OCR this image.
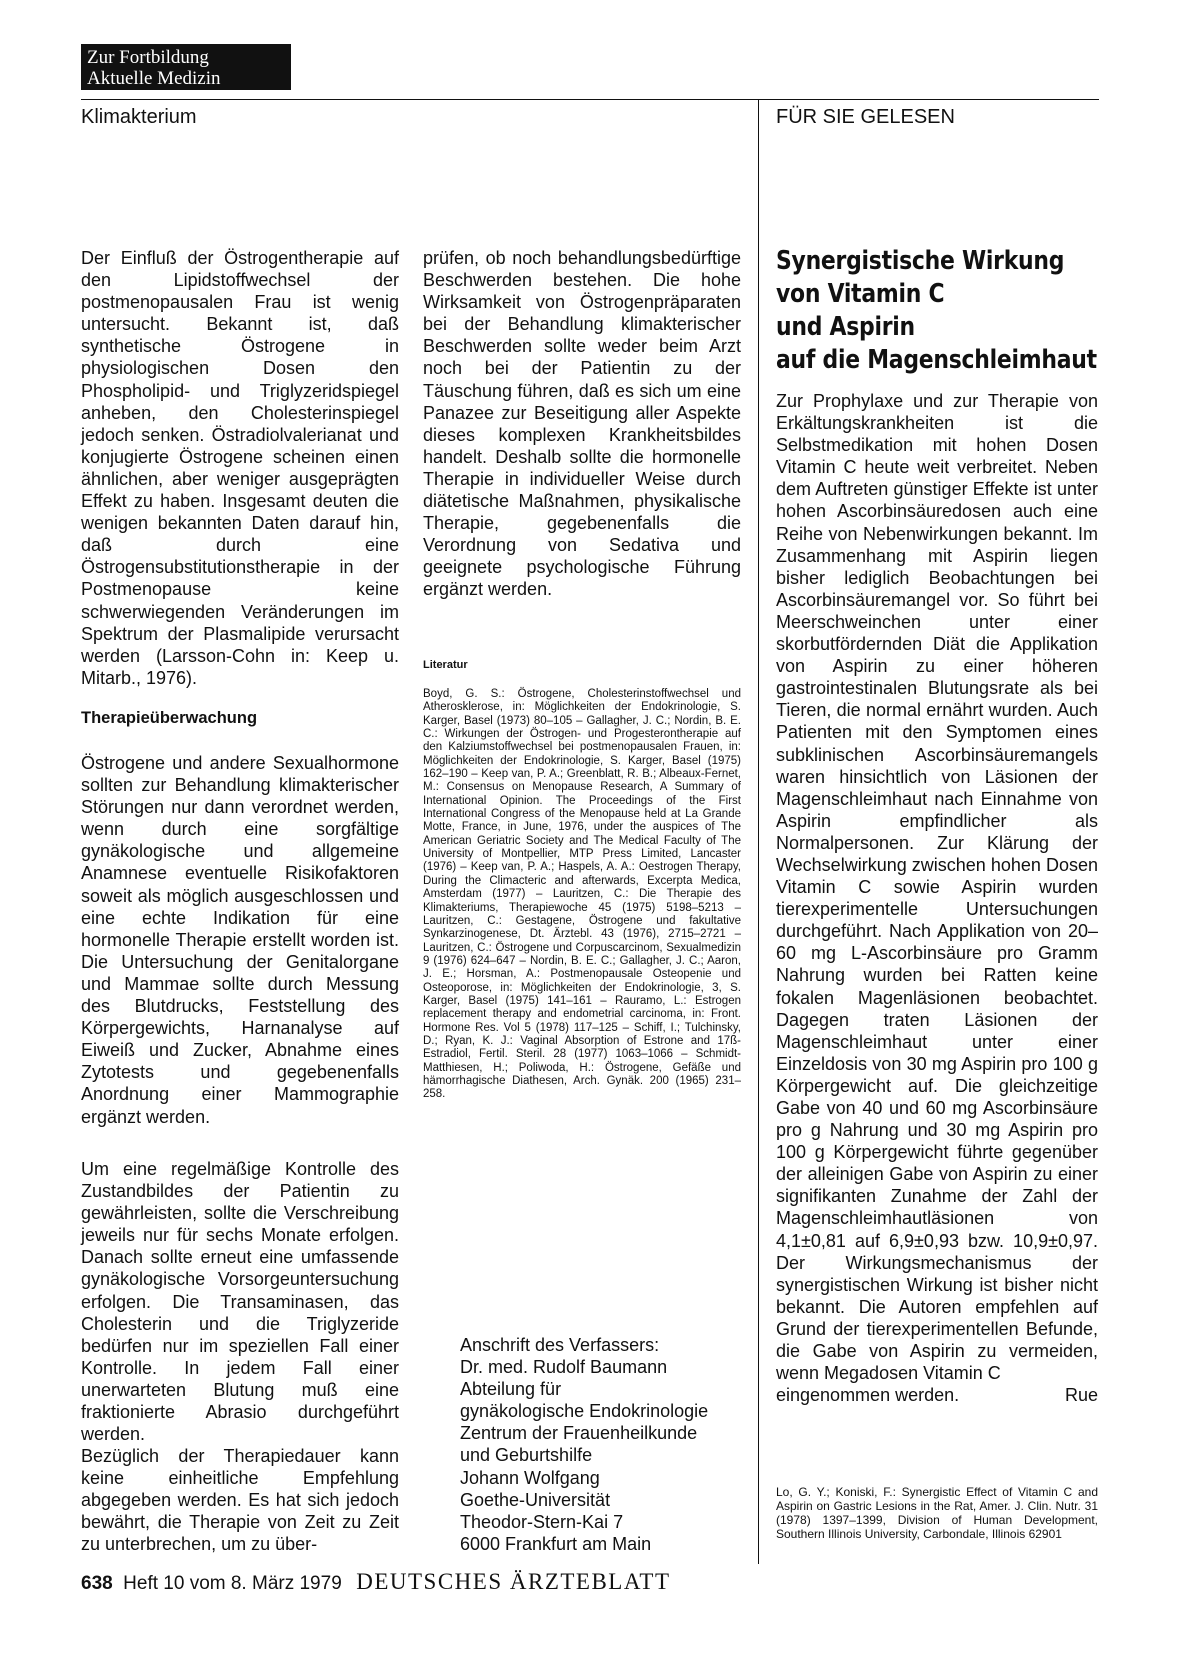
Zur Fortbildung
Aktuelle Medizin
Klimakterium	FÜR SIE GELESEN

Der Einfluß der Östrogentherapie auf den Lipidstoffwechsel der postmenopausalen Frau ist wenig untersucht. Bekannt ist, daß synthetische Östrogene in physiologischen Dosen den Phospholipid- und Triglyzeridspiegel anheben, den Cholesterinspiegel jedoch senken. Östradiolvalerianat und konjugierte Östrogene scheinen einen ähnlichen, aber weniger ausgeprägten Effekt zu haben. Insgesamt deuten die wenigen bekannten Daten darauf hin, daß durch eine Östrogensubstitutionstherapie in der Postmenopause keine schwerwiegenden Veränderungen im Spektrum der Plasmalipide verursacht werden (Larsson-Cohn in: Keep u. Mitarb., 1976).

Therapieüberwachung

Östrogene und andere Sexualhormone sollten zur Behandlung klimakterischer Störungen nur dann verordnet werden, wenn durch eine sorgfältige gynäkologische und allgemeine Anamnese eventuelle Risikofaktoren soweit als möglich ausgeschlossen und eine echte Indikation für eine hormonelle Therapie erstellt worden ist. Die Untersuchung der Genitalorgane und Mammae sollte durch Messung des Blutdrucks, Feststellung des Körpergewichts, Harnanalyse auf Eiweiß und Zucker, Abnahme eines Zytotests und gegebenenfalls Anordnung einer Mammographie ergänzt werden.

Um eine regelmäßige Kontrolle des Zustandbildes der Patientin zu gewährleisten, sollte die Verschreibung jeweils nur für sechs Monate erfolgen. Danach sollte erneut eine umfassende gynäkologische Vorsorgeuntersuchung erfolgen. Die Transaminasen, das Cholesterin und die Triglyzeride bedürfen nur im speziellen Fall einer Kontrolle. In jedem Fall einer unerwarteten Blutung muß eine fraktionierte Abrasio durchgeführt werden.

Bezüglich der Therapiedauer kann keine einheitliche Empfehlung abgegeben werden. Es hat sich jedoch bewährt, die Therapie von Zeit zu Zeit zu unterbrechen, um zu über-

prüfen, ob noch behandlungsbedürftige Beschwerden bestehen. Die hohe Wirksamkeit von Östrogenpräparaten bei der Behandlung klimakterischer Beschwerden sollte weder beim Arzt noch bei der Patientin zu der Täuschung führen, daß es sich um eine Panazee zur Beseitigung aller Aspekte dieses komplexen Krankheitsbildes handelt. Deshalb sollte die hormonelle Therapie in individueller Weise durch diätetische Maßnahmen, physikalische Therapie, gegebenenfalls die Verordnung von Sedativa und geeignete psychologische Führung ergänzt werden.

Literatur
Boyd, G. S.: Östrogene, Cholesterinstoffwechsel und Atherosklerose, in: Möglichkeiten der Endokrinologie, S. Karger, Basel (1973) 80–105 – Gallagher, J. C.; Nordin, B. E. C.: Wirkungen der Östrogen- und Progesterontherapie auf den Kalziumstoffwechsel bei postmenopausalen Frauen, in: Möglichkeiten der Endokrinologie, S. Karger, Basel (1975) 162–190 – Keep van, P. A.; Greenblatt, R. B.; Albeaux-Fernet, M.: Consensus on Menopause Research, A Summary of International Opinion. The Proceedings of the First International Congress of the Menopause held at La Grande Motte, France, in June, 1976, under the auspices of The American Geriatric Society and The Medical Faculty of The University of Montpellier, MTP Press Limited, Lancaster (1976) – Keep van, P. A.; Haspels, A. A.: Oestrogen Therapy, During the Climacteric and afterwards, Excerpta Medica, Amsterdam (1977) – Lauritzen, C.: Die Therapie des Klimakteriums, Therapiewoche 45 (1975) 5198–5213 – Lauritzen, C.: Gestagene, Östrogene und fakultative Synkarzinogenese, Dt. Ärztebl. 43 (1976), 2715–2721 – Lauritzen, C.: Östrogene und Corpuscarcinom, Sexualmedizin 9 (1976) 624–647 – Nordin, B. E. C.; Gallagher, J. C.; Aaron, J. E.; Horsman, A.: Postmenopausale Osteopenie und Osteoporose, in: Möglichkeiten der Endokrinologie, 3, S. Karger, Basel (1975) 141–161 – Rauramo, L.: Estrogen replacement therapy and endometrial carcinoma, in: Front. Hormone Res. Vol 5 (1978) 117–125 – Schiff, I.; Tulchinsky, D.; Ryan, K. J.: Vaginal Absorption of Estrone and 17ß-Estradiol, Fertil. Steril. 28 (1977) 1063–1066 – Schmidt-Matthiesen, H.; Poliwoda, H.: Östrogene, Gefäße und hämorrhagische Diathesen, Arch. Gynäk. 200 (1965) 231–258.
Anschrift des Verfassers:
Dr. med. Rudolf Baumann
Abteilung für
gynäkologische Endokrinologie
Zentrum der Frauenheilkunde
und Geburtshilfe
Johann Wolfgang
Goethe-Universität
Theodor-Stern-Kai 7
6000 Frankfurt am Main
Synergistische Wirkung
von Vitamin C
und Aspirin
auf die Magenschleimhaut

Zur Prophylaxe und zur Therapie von Erkältungskrankheiten ist die Selbstmedikation mit hohen Dosen Vitamin C heute weit verbreitet. Neben dem Auftreten günstiger Effekte ist unter hohen Ascorbinsäuredosen auch eine Reihe von Nebenwirkungen bekannt. Im Zusammenhang mit Aspirin liegen bisher lediglich Beobachtungen bei Ascorbinsäuremangel vor. So führt bei Meerschweinchen unter einer skorbutfördernden Diät die Applikation von Aspirin zu einer höheren gastrointestinalen Blutungsrate als bei Tieren, die normal ernährt wurden. Auch Patienten mit den Symptomen eines subklinischen Ascorbinsäuremangels waren hinsichtlich von Läsionen der Magenschleimhaut nach Einnahme von Aspirin empfindlicher als Normalpersonen. Zur Klärung der Wechselwirkung zwischen hohen Dosen Vitamin C sowie Aspirin wurden tierexperimentelle Untersuchungen durchgeführt. Nach Applikation von 20–60 mg L-Ascorbinsäure pro Gramm Nahrung wurden bei Ratten keine fokalen Magenläsionen beobachtet. Dagegen traten Läsionen der Magenschleimhaut unter einer Einzeldosis von 30 mg Aspirin pro 100 g Körpergewicht auf. Die gleichzeitige Gabe von 40 und 60 mg Ascorbinsäure pro g Nahrung und 30 mg Aspirin pro 100 g Körpergewicht führte gegenüber der alleinigen Gabe von Aspirin zu einer signifikanten Zunahme der Zahl der Magenschleimhautläsionen von 4,1±0,81 auf 6,9±0,93 bzw. 10,9±0,97. Der Wirkungsmechanismus der synergistischen Wirkung ist bisher nicht bekannt. Die Autoren empfehlen auf Grund der tierexperimentellen Befunde, die Gabe von Aspirin zu vermeiden, wenn Megadosen Vitamin C

eingenommen werden.	Rue
Lo, G. Y.; Koniski, F.: Synergistic Effect of Vitamin C and Aspirin on Gastric Lesions in the Rat, Amer. J. Clin. Nutr. 31 (1978) 1397–1399, Division of Human Development, Southern Illinois University, Carbondale, Illinois 62901
638 Heft 10 vom 8. März 1979 DEUTSCHES ÄRZTEBLATT
